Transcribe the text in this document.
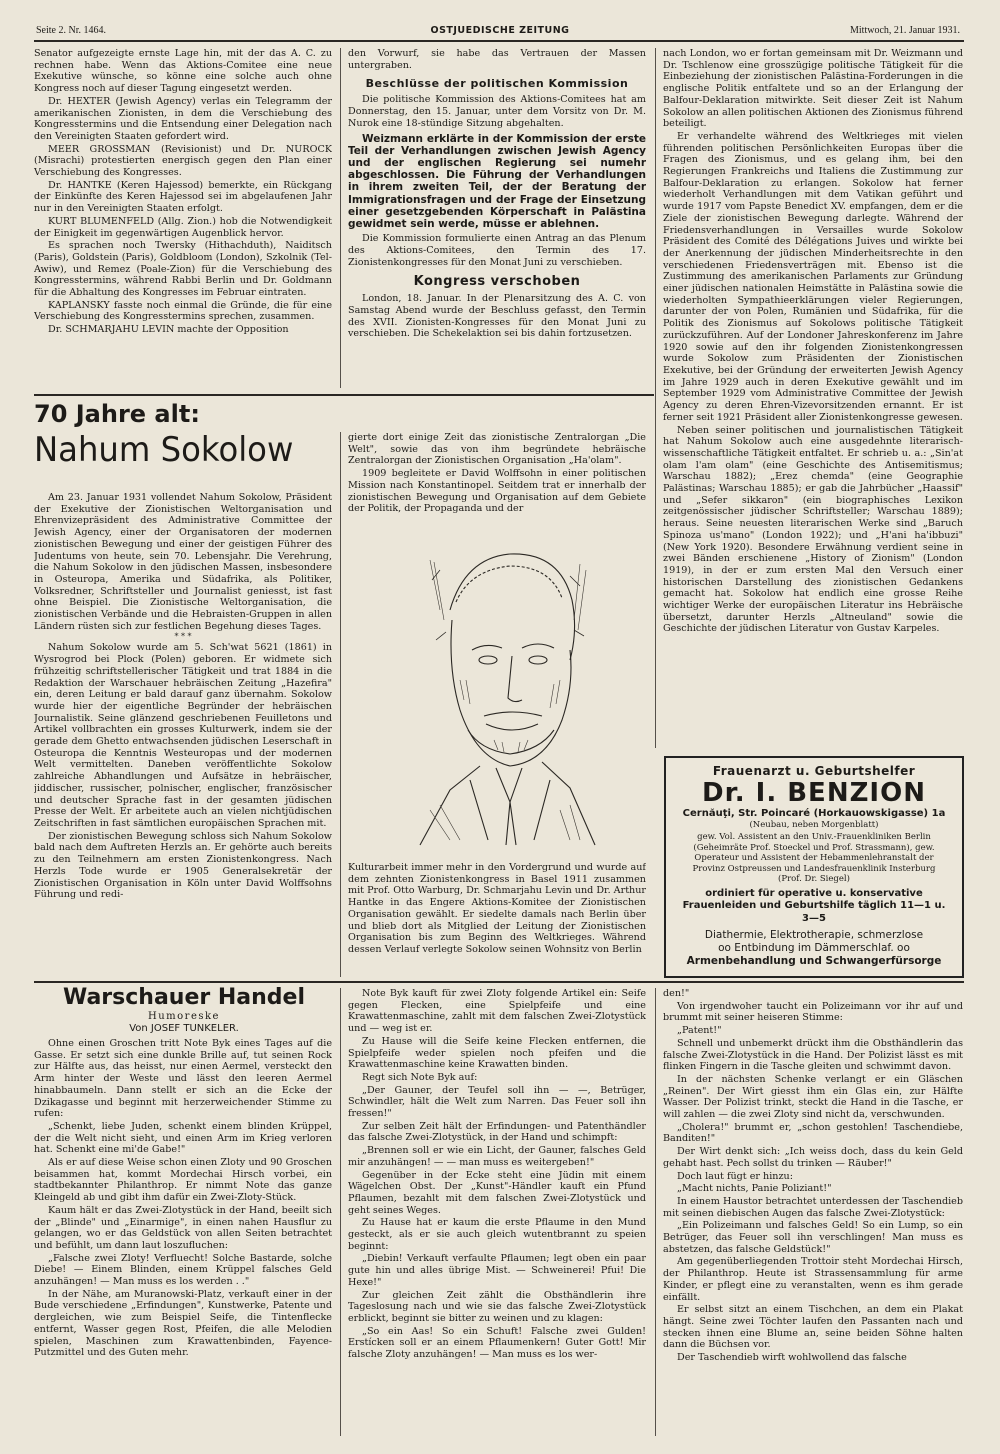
Seite 2. Nr. 1464.	OSTJUEDISCHE ZEITUNG	Mittwoch, 21. Januar 1931.

Senator aufgezeigte ernste Lage hin, mit der das A. C. zu rechnen habe. Wenn das Aktions-Comitee eine neue Exekutive wünsche, so könne eine solche auch ohne Kongress noch auf dieser Tagung eingesetzt werden.

Dr. HEXTER (Jewish Agency) verlas ein Telegramm der amerikanischen Zionisten, in dem die Verschiebung des Kongresstermins und die Entsendung einer Delegation nach den Vereinigten Staaten gefordert wird.

MEER GROSSMAN (Revisionist) und Dr. NUROCK (Misrachi) protestierten energisch gegen den Plan einer Verschiebung des Kongresses.

Dr. HANTKE (Keren Hajessod) bemerkte, ein Rückgang der Einkünfte des Keren Hajessod sei im abgelaufenen Jahr nur in den Vereinigten Staaten erfolgt.

KURT BLUMENFELD (Allg. Zion.) hob die Notwendigkeit der Einigkeit im gegenwärtigen Augenblick hervor.

Es sprachen noch Twersky (Hithachduth), Naiditsch (Paris), Goldstein (Paris), Goldbloom (London), Szkolnik (Tel-Awiw), und Remez (Poale-Zion) für die Verschiebung des Kongresstermins, während Rabbi Berlin und Dr. Goldmann für die Abhaltung des Kongresses im Februar eintraten.

KAPLANSKY fasste noch einmal die Gründe, die für eine Verschiebung des Kongresstermins sprechen, zusammen.

Dr. SCHMARJAHU LEVIN machte der Opposition

den Vorwurf, sie habe das Vertrauen der Massen untergraben.

Beschlüsse der politischen Kommission

Die politische Kommission des Aktions-Comitees hat am Donnerstag, den 15. Januar, unter dem Vorsitz von Dr. M. Nurok eine 18-stündige Sitzung abgehalten.

Weizmann erklärte in der Kommission der erste Teil der Verhandlungen zwischen Jewish Agency und der englischen Regierung sei numehr abgeschlossen. Die Führung der Verhandlungen in ihrem zweiten Teil, der der Beratung der Immigrationsfragen und der Frage der Einsetzung einer gesetzgebenden Körperschaft in Palästina gewidmet sein werde, müsse er ablehnen.

Die Kommission formulierte einen Antrag an das Plenum des Aktions-Comitees, den Termin des 17. Zionistenkongresses für den Monat Juni zu verschieben.

Kongress verschoben

London, 18. Januar. In der Plenarsitzung des A. C. von Samstag Abend wurde der Beschluss gefasst, den Termin des XVII. Zionisten-Kongresses für den Monat Juni zu verschieben. Die Schekelaktion sei bis dahin fortzusetzen.

nach London, wo er fortan gemeinsam mit Dr. Weizmann und Dr. Tschlenow eine grosszügige politische Tätigkeit für die Einbeziehung der zionistischen Palästina-Forderungen in die englische Politik entfaltete und so an der Erlangung der Balfour-Deklaration mitwirkte. Seit dieser Zeit ist Nahum Sokolow an allen politischen Aktionen des Zionismus führend beteiligt.

Er verhandelte während des Weltkrieges mit vielen führenden politischen Persönlichkeiten Europas über die Fragen des Zionismus, und es gelang ihm, bei den Regierungen Frankreichs und Italiens die Zustimmung zur Balfour-Deklaration zu erlangen. Sokolow hat ferner wiederholt Verhandlungen mit dem Vatikan geführt und wurde 1917 vom Papste Benedict XV. empfangen, dem er die Ziele der zionistischen Bewegung darlegte. Während der Friedensverhandlungen in Versailles wurde Sokolow Präsident des Comité des Délégations Juives und wirkte bei der Anerkennung der jüdischen Minderheitsrechte in den verschiedenen Friedensverträgen mit. Ebenso ist die Zustimmung des amerikanischen Parlaments zur Gründung einer jüdischen nationalen Heimstätte in Palästina sowie die wiederholten Sympathieerklärungen vieler Regierungen, darunter der von Polen, Rumänien und Südafrika, für die Politik des Zionismus auf Sokolows politische Tätigkeit zurückzuführen. Auf der Londoner Jahreskonferenz im Jahre 1920 sowie auf den ihr folgenden Zionistenkongressen wurde Sokolow zum Präsidenten der Zionistischen Exekutive, bei der Gründung der erweiterten Jewish Agency im Jahre 1929 auch in deren Exekutive gewählt und im September 1929 vom Administrative Committee der Jewish Agency zu deren Ehren-Vizevorsitzenden ernannt. Er ist ferner seit 1921 Präsident aller Zionistenkongresse gewesen.

Neben seiner politischen und journalistischen Tätigkeit hat Nahum Sokolow auch eine ausgedehnte literarisch-wissenschaftliche Tätigkeit entfaltet. Er schrieb u. a.: „Sin'at olam l'am olam" (eine Geschichte des Antisemitismus; Warschau 1882); „Erez chemda" (eine Geographie Palästinas; Warschau 1885); er gab die Jahrbücher „Haassif" und „Sefer sikkaron" (ein biographisches Lexikon zeitgenössischer jüdischer Schriftsteller; Warschau 1889); heraus. Seine neuesten literarischen Werke sind „Baruch Spinoza us'mano" (London 1922); und „H'ani ha'ibbuzi" (New York 1920). Besondere Erwähnung verdient seine in zwei Bänden erschienene „History of Zionism" (London 1919), in der er zum ersten Mal den Versuch einer historischen Darstellung des zionistischen Gedankens gemacht hat. Sokolow hat endlich eine grosse Reihe wichtiger Werke der europäischen Literatur ins Hebräische übersetzt, darunter Herzls „Altneuland" sowie die Geschichte der jüdischen Literatur von Gustav Karpeles.

70 Jahre alt:
Nahum Sokolow

Am 23. Januar 1931 vollendet Nahum Sokolow, Präsident der Exekutive der Zionistischen Weltorganisation und Ehrenvizepräsident des Administrative Committee der Jewish Agency, einer der Organisatoren der modernen zionistischen Bewegung und einer der geistigen Führer des Judentums von heute, sein 70. Lebensjahr. Die Verehrung, die Nahum Sokolow in den jüdischen Massen, insbesondere in Osteuropa, Amerika und Südafrika, als Politiker, Volksredner, Schriftsteller und Journalist geniesst, ist fast ohne Beispiel. Die Zionistische Weltorganisation, die zionistischen Verbände und die Hebraisten-Gruppen in allen Ländern rüsten sich zur festlichen Begehung dieses Tages.

* * *

Nahum Sokolow wurde am 5. Sch'wat 5621 (1861) in Wysrogrod bei Plock (Polen) geboren. Er widmete sich frühzeitig schriftstellerischer Tätigkeit und trat 1884 in die Redaktion der Warschauer hebräischen Zeitung „Hazefira" ein, deren Leitung er bald darauf ganz übernahm. Sokolow wurde hier der eigentliche Begründer der hebräischen Journalistik. Seine glänzend geschriebenen Feuilletons und Artikel vollbrachten ein grosses Kulturwerk, indem sie der gerade dem Ghetto entwachsenden jüdischen Leserschaft in Osteuropa die Kenntnis Westeuropas und der modernen Welt vermittelten. Daneben veröffentlichte Sokolow zahlreiche Abhandlungen und Aufsätze in hebräischer, jiddischer, russischer, polnischer, englischer, französischer und deutscher Sprache fast in der gesamten jüdischen Presse der Welt. Er arbeitete auch an vielen nichtjüdischen Zeitschriften in fast sämtlichen europäischen Sprachen mit.

Der zionistischen Bewegung schloss sich Nahum Sokolow bald nach dem Auftreten Herzls an. Er gehörte auch bereits zu den Teilnehmern am ersten Zionistenkongress. Nach Herzls Tode wurde er 1905 Generalsekretär der Zionistischen Organisation in Köln unter David Wolffsohns Führung und redi-

gierte dort einige Zeit das zionistische Zentralorgan „Die Welt", sowie das von ihm begründete hebräische Zentralorgan der Zionistischen Organisation „Ha'olam".

1909 begleitete er David Wolffsohn in einer politischen Mission nach Konstantinopel. Seitdem trat er innerhalb der zionistischen Bewegung und Organisation auf dem Gebiete der Politik, der Propaganda und der

Kulturarbeit immer mehr in den Vordergrund und wurde auf dem zehnten Zionistenkongress in Basel 1911 zusammen mit Prof. Otto Warburg, Dr. Schmarjahu Levin und Dr. Arthur Hantke in das Engere Aktions-Komitee der Zionistischen Organisation gewählt. Er siedelte damals nach Berlin über und blieb dort als Mitglied der Leitung der Zionistischen Organisation bis zum Beginn des Weltkrieges. Während dessen Verlauf verlegte Sokolow seinen Wohnsitz von Berlin

Frauenarzt u. Geburtshelfer
Dr. I. BENZION
Cernăuţi, Str. Poincaré (Horkauowskigasse) 1a
(Neubau, neben Morgenblatt)
gew. Vol. Assistent an den Univ.-Frauenkliniken Berlin (Geheimräte Prof. Stoeckel und Prof. Strassmann), gew. Operateur und Assistent der Hebammenlehranstalt der Provinz Ostpreussen und Landesfrauenklinik Insterburg (Prof. Dr. Siegel)
ordiniert für operative u. konservative Frauenleiden und Geburtshilfe täglich 11—1 u. 3—5
Diathermie, Elektrotherapie, schmerzlose
oo Entbindung im Dämmerschlaf. oo
Armenbehandlung und Schwangerfürsorge
Warschauer Handel
Humoreske
Von JOSEF TUNKELER.

Ohne einen Groschen tritt Note Byk eines Tages auf die Gasse. Er setzt sich eine dunkle Brille auf, tut seinen Rock zur Hälfte aus, das heisst, nur einen Aermel, versteckt den Arm hinter der Weste und lässt den leeren Aermel hinabbaumeln. Dann stellt er sich an die Ecke der Dzikagasse und beginnt mit herzerweichender Stimme zu rufen:

„Schenkt, liebe Juden, schenkt einem blinden Krüppel, der die Welt nicht sieht, und einen Arm im Krieg verloren hat. Schenkt eine mi'de Gabe!"

Als er auf diese Weise schon einen Zloty und 90 Groschen beisammen hat, kommt Mordechai Hirsch vorbei, ein stadtbekannter Philanthrop. Er nimmt Note das ganze Kleingeld ab und gibt ihm dafür ein Zwei-Zloty-Stück.

Kaum hält er das Zwei-Zlotystück in der Hand, beeilt sich der „Blinde" und „Einarmige", in einen nahen Hausflur zu gelangen, wo er das Geldstück von allen Seiten betrachtet und befühlt, um dann laut loszufluchen:

„Falsche zwei Zloty! Verfluecht! Solche Bastarde, solche Diebe! — Einem Blinden, einem Krüppel falsches Geld anzuhängen! — Man muss es los werden . ."

In der Nähe, am Muranowski-Platz, verkauft einer in der Bude verschiedene „Erfindungen", Kunstwerke, Patente und dergleichen, wie zum Beispiel Seife, die Tintenflecke entfernt, Wasser gegen Rost, Pfeifen, die alle Melodien spielen, Maschinen zum Krawattenbinden, Fayence-Putzmittel und des Guten mehr.

Note Byk kauft für zwei Zloty folgende Artikel ein: Seife gegen Flecken, eine Spielpfeife und eine Krawattenmaschine, zahlt mit dem falschen Zwei-Zlotystück und — weg ist er.

Zu Hause will die Seife keine Flecken entfernen, die Spielpfeife weder spielen noch pfeifen und die Krawattenmaschine keine Krawatten binden.

Regt sich Note Byk auf:

„Der Gauner, der Teufel soll ihn — —, Betrüger, Schwindler, hält die Welt zum Narren. Das Feuer soll ihn fressen!"

Zur selben Zeit hält der Erfindungen- und Patenthändler das falsche Zwei-Zlotystück, in der Hand und schimpft:

„Brennen soll er wie ein Licht, der Gauner, falsches Geld mir anzuhängen! — — man muss es weitergeben!"

Gegenüber in der Ecke steht eine Jüdin mit einem Wägelchen Obst. Der „Kunst"-Händler kauft ein Pfund Pflaumen, bezahlt mit dem falschen Zwei-Zlotystück und geht seines Weges.

Zu Hause hat er kaum die erste Pflaume in den Mund gesteckt, als er sie auch gleich wutentbrannt zu speien beginnt:

„Diebin! Verkauft verfaulte Pflaumen; legt oben ein paar gute hin und alles übrige Mist. — Schweinerei! Pfui! Die Hexe!"

Zur gleichen Zeit zählt die Obsthändlerin ihre Tageslosung nach und wie sie das falsche Zwei-Zlotystück erblickt, beginnt sie bitter zu weinen und zu klagen:

„So ein Aas! So ein Schuft! Falsche zwei Gulden! Erstícken soll er an einem Pflaumenkern! Guter Gott! Mir falsche Zloty anzuhängen! — Man muss es los wer-

den!"

Von irgendwoher taucht ein Polizeimann vor ihr auf und brummt mit seiner heiseren Stimme:

„Patent!"

Schnell und unbemerkt drückt ihm die Obsthändlerin das falsche Zwei-Zlotystück in die Hand. Der Polizist lässt es mit flinken Fingern in die Tasche gleiten und schwimmt davon.

In der nächsten Schenke verlangt er ein Gläschen „Reinen". Der Wirt giesst ihm ein Glas ein, zur Hälfte Wasser. Der Polizist trinkt, steckt die Hand in die Tasche, er will zahlen — die zwei Zloty sind nicht da, verschwunden.

„Cholera!" brummt er, „schon gestohlen! Taschendiebe, Banditen!"

Der Wirt denkt sich: „Ich weiss doch, dass du kein Geld gehabt hast. Pech sollst du trinken — Räuber!"

Doch laut fügt er hinzu:

„Macht nichts, Panie Poliziant!"

In einem Haustor betrachtet unterdessen der Taschendieb mit seinen diebischen Augen das falsche Zwei-Zlotystück:

„Ein Polizeimann und falsches Geld! So ein Lump, so ein Betrüger, das Feuer soll ihn verschlingen! Man muss es abstetzen, das falsche Geldstück!"

Am gegenüberliegenden Trottoir steht Mordechai Hirsch, der Philanthrop. Heute ist Strassensammlung für arme Kinder, er pflegt eine zu veranstalten, wenn es ihm gerade einfällt.

Er selbst sitzt an einem Tischchen, an dem ein Plakat hängt. Seine zwei Töchter laufen den Passanten nach und stecken ihnen eine Blume an, seine beiden Söhne halten dann die Büchsen vor.

Der Taschendieb wirft wohlwollend das falsche
